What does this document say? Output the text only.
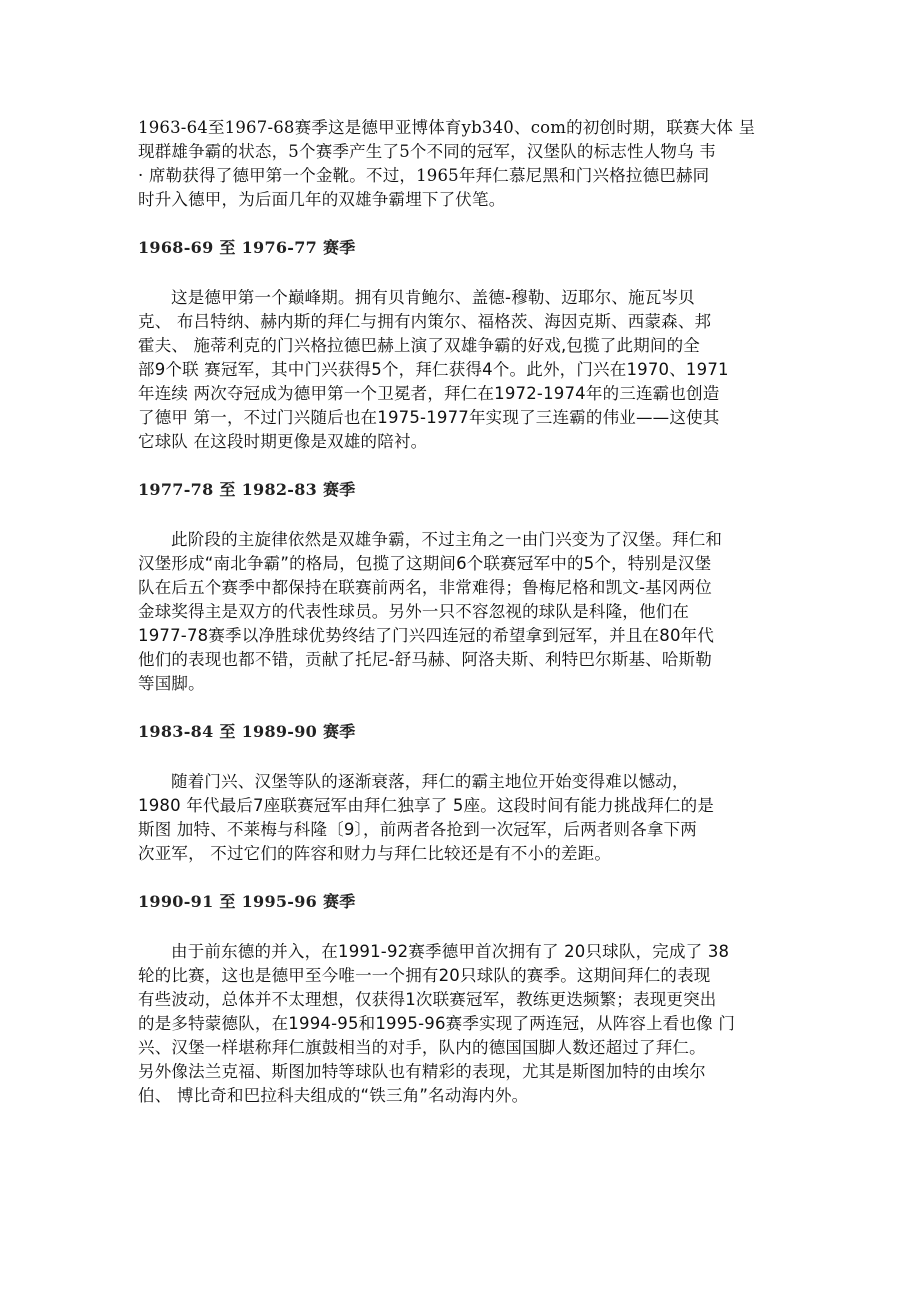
1963-64至1967-68赛季这是德甲亚博体育yb340、com的初创时期，联赛大体 呈
现群雄争霸的状态，5个赛季产生了5个不同的冠军，汉堡队的标志性人物乌 韦
· 席勒获得了德甲第一个金靴。不过，1965年拜仁慕尼黑和门兴格拉德巴赫同
时升入德甲，为后面几年的双雄争霸埋下了伏笔。

1968-69 至 1976-77 赛季

这是德甲第一个巅峰期。拥有贝肯鲍尔、盖德-穆勒、迈耶尔、施瓦岑贝
克、 布吕特纳、赫内斯的拜仁与拥有内策尔、福格茨、海因克斯、西蒙森、邦
霍夫、 施蒂利克的门兴格拉德巴赫上演了双雄争霸的好戏,包揽了此期间的全
部9个联 赛冠军，其中门兴获得5个，拜仁获得4个。此外，门兴在1970、1971
年连续 两次夺冠成为德甲第一个卫冕者，拜仁在1972-1974年的三连霸也创造
了德甲 第一，不过门兴随后也在1975-1977年实现了三连霸的伟业——这使其
它球队 在这段时期更像是双雄的陪衬。

1977-78 至 1982-83 赛季

此阶段的主旋律依然是双雄争霸，不过主角之一由门兴变为了汉堡。拜仁和
汉堡形成“南北争霸”的格局，包揽了这期间6个联赛冠军中的5个，特别是汉堡
队在后五个赛季中都保持在联赛前两名，非常难得；鲁梅尼格和凯文-基冈两位
金球奖得主是双方的代表性球员。另外一只不容忽视的球队是科隆，他们在
1977-78赛季以净胜球优势终结了门兴四连冠的希望拿到冠军，并且在80年代
他们的表现也都不错，贡献了托尼-舒马赫、阿洛夫斯、利特巴尔斯基、哈斯勒
等国脚。

1983-84 至 1989-90 赛季

随着门兴、汉堡等队的逐渐衰落，拜仁的霸主地位开始变得难以憾动，
1980 年代最后7座联赛冠军由拜仁独享了 5座。这段时间有能力挑战拜仁的是
斯图 加特、不莱梅与科隆〔9〕，前两者各抢到一次冠军，后两者则各拿下两
次亚军， 不过它们的阵容和财力与拜仁比较还是有不小的差距。

1990-91 至 1995-96 赛季

由于前东德的并入，在1991-92赛季德甲首次拥有了 20只球队，完成了 38
轮的比赛，这也是德甲至今唯一一个拥有20只球队的赛季。这期间拜仁的表现
有些波动，总体并不太理想，仅获得1次联赛冠军，教练更迭频繁；表现更突出
的是多特蒙德队，在1994-95和1995-96赛季实现了两连冠，从阵容上看也像 门
兴、汉堡一样堪称拜仁旗鼓相当的对手，队内的德国国脚人数还超过了拜仁。
另外像法兰克福、斯图加特等球队也有精彩的表现，尤其是斯图加特的由埃尔
伯、 博比奇和巴拉科夫组成的“铁三角”名动海内外。
